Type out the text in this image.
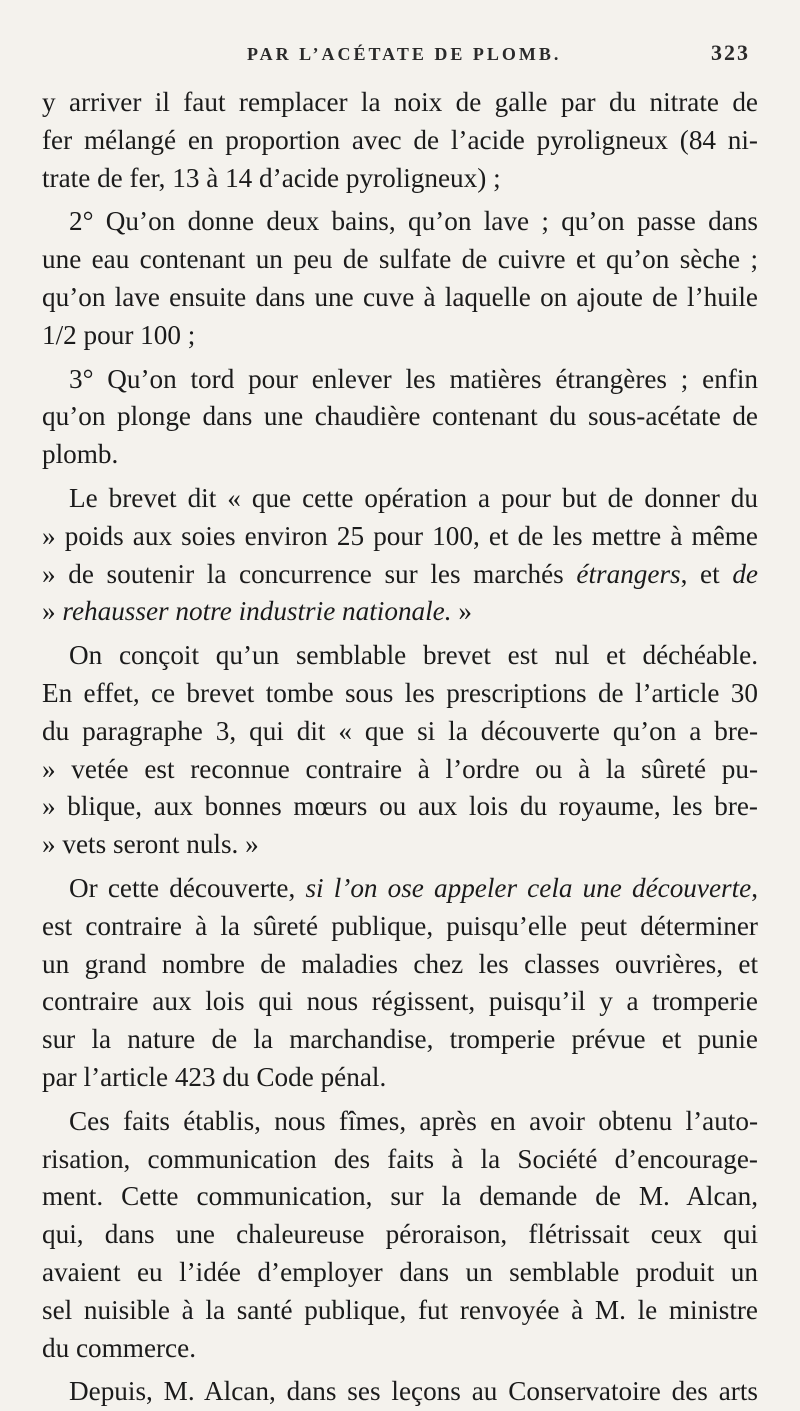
PAR L’ACÉTATE DE PLOMB.	323
y arriver il faut remplacer la noix de galle par du nitrate de
fer mélangé en proportion avec de l’acide pyroligneux (84 ni-
trate de fer, 13 à 14 d’acide pyroligneux) ;
2° Qu’on donne deux bains, qu’on lave ; qu’on passe dans
une eau contenant un peu de sulfate de cuivre et qu’on sèche ;
qu’on lave ensuite dans une cuve à laquelle on ajoute de l’huile
1/2 pour 100 ;
3° Qu’on tord pour enlever les matières étrangères ; enfin
qu’on plonge dans une chaudière contenant du sous-acétate de
plomb.
Le brevet dit « que cette opération a pour but de donner du
» poids aux soies environ 25 pour 100, et de les mettre à même
» de soutenir la concurrence sur les marchés étrangers, et de
» rehausser notre industrie nationale. »
On conçoit qu’un semblable brevet est nul et déchéable.
En effet, ce brevet tombe sous les prescriptions de l’article 30
du paragraphe 3, qui dit « que si la découverte qu’on a bre-
» vetée est reconnue contraire à l’ordre ou à la sûreté pu-
» blique, aux bonnes mœurs ou aux lois du royaume, les bre-
» vets seront nuls. »
Or cette découverte, si l’on ose appeler cela une découverte,
est contraire à la sûreté publique, puisqu’elle peut déterminer
un grand nombre de maladies chez les classes ouvrières, et
contraire aux lois qui nous régissent, puisqu’il y a tromperie
sur la nature de la marchandise, tromperie prévue et punie
par l’article 423 du Code pénal.
Ces faits établis, nous fîmes, après en avoir obtenu l’auto-
risation, communication des faits à la Société d’encourage-
ment. Cette communication, sur la demande de M. Alcan,
qui, dans une chaleureuse péroraison, flétrissait ceux qui
avaient eu l’idée d’employer dans un semblable produit un
sel nuisible à la santé publique, fut renvoyée à M. le ministre
du commerce.
Depuis, M. Alcan, dans ses leçons au Conservatoire des arts
